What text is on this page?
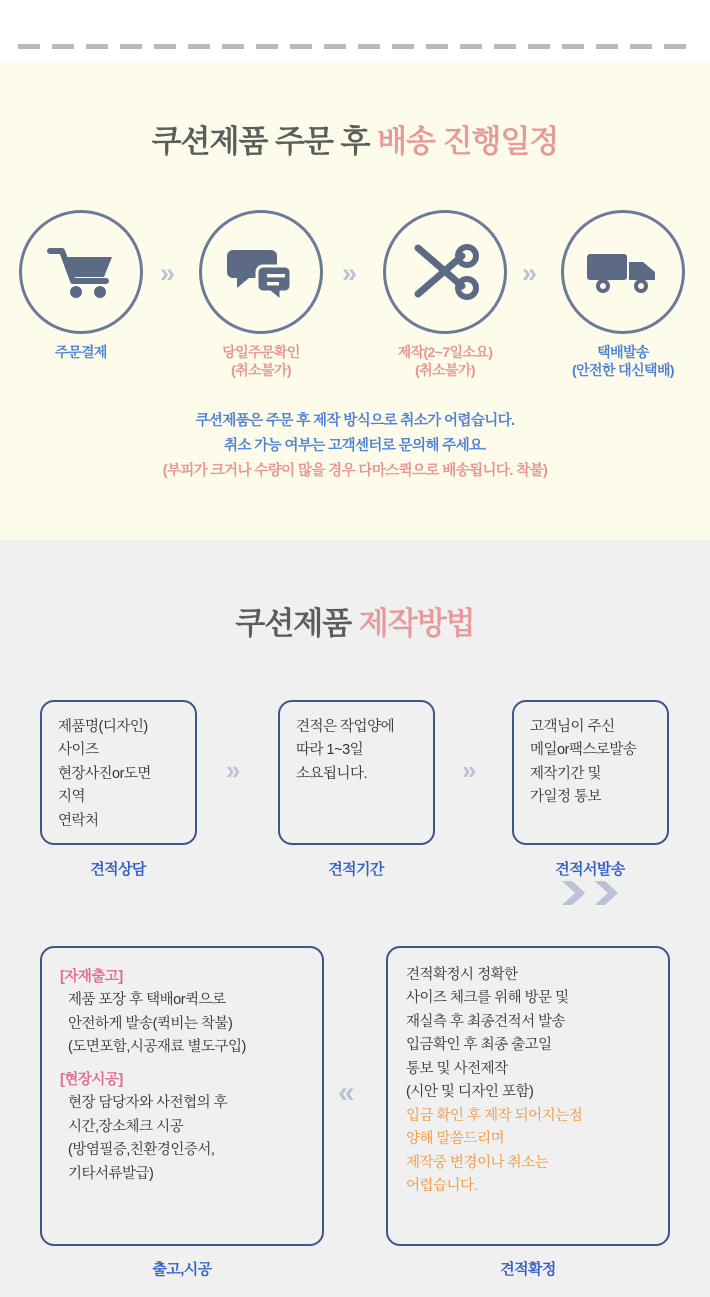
쿠션제품 주문 후 배송 진행일정
주문결제
»
당일주문확인
(취소불가)
»
제작(2~7일소요)
(취소불가)
»
택배발송
(안전한 대신택배)
쿠션제품은 주문 후 제작 방식으로 취소가 어렵습니다.
취소 가능 여부는 고객센터로 문의해 주세요.
(부피가 크거나 수량이 많을 경우 다마스퀵으로 배송됩니다. 착불)
쿠션제품 제작방법
제품명(디자인)
사이즈
현장사진or도면
지역
연락처
견적상담
»
견적은 작업양에
따라 1~3일
소요됩니다.
견적기간
»
고객님이 주신
메일or팩스로발송
제작기간 및
가일정 통보
견적서발송
❯❯
[자재출고]
제품 포장 후 택배or퀵으로
안전하게 발송(퀵비는 착불)
(도면포함,시공재료 별도구입)
[현장시공]
현장 담당자와 사전협의 후
시간,장소체크 시공
(방염필증,친환경인증서,
기타서류발급)
출고,시공
«
견적확정시 정확한
사이즈 체크를 위해 방문 및
재실측 후 최종견적서 발송
입금확인 후 최종 출고일
통보 및 사전제작
(시안 및 디자인 포함)
입금 확인 후 제작 되어지는점
양해 말씀드리며
제작중 변경이나 취소는
어렵습니다.
견적확정
